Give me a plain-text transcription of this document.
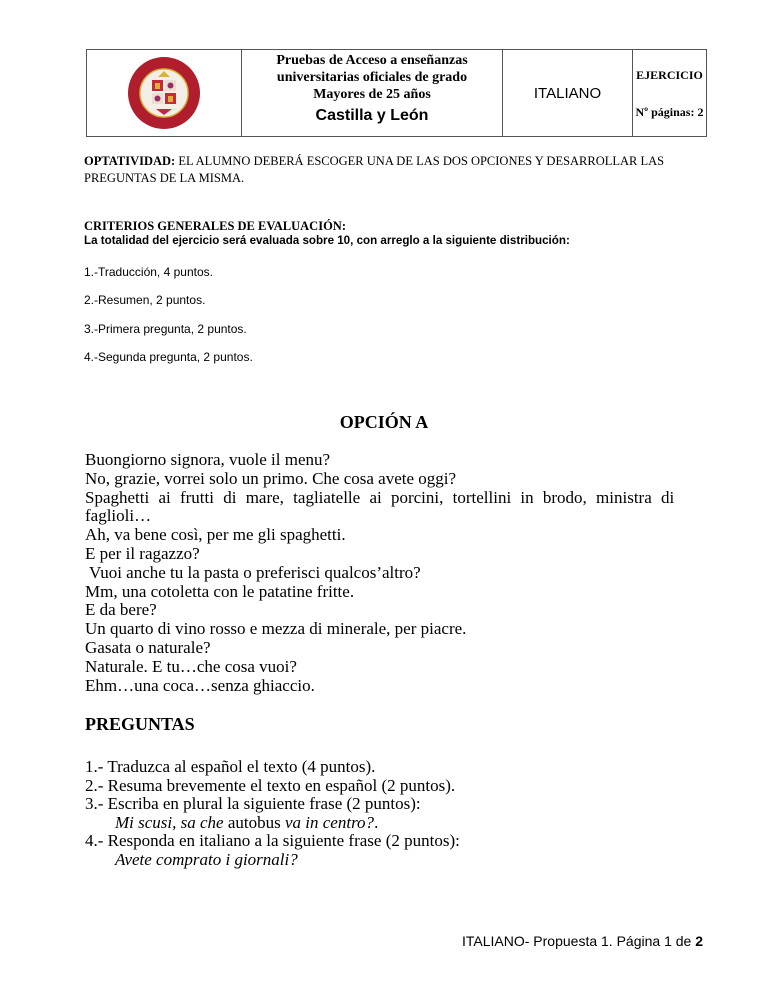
Pruebas de Acceso a enseñanzas
universitarias oficiales de grado
Mayores de 25 años
Castilla y León
ITALIANO
EJERCICIO
Nº páginas: 2
OPTATIVIDAD: EL ALUMNO DEBERÁ ESCOGER UNA DE LAS DOS OPCIONES Y DESARROLLAR LAS PREGUNTAS DE LA MISMA.
CRITERIOS GENERALES DE EVALUACIÓN:
La totalidad del ejercicio será evaluada sobre 10, con arreglo a la siguiente distribución:
1.-Traducción, 4 puntos.
2.-Resumen, 2 puntos.
3.-Primera pregunta, 2 puntos.
4.-Segunda pregunta, 2 puntos.
OPCIÓN A

Buongiorno signora, vuole il menu?

No, grazie, vorrei solo un primo. Che cosa avete oggi?

Spaghetti ai frutti di mare, tagliatelle ai porcini, tortellini in brodo, ministra di

faglioli…

Ah, va bene così, per me gli spaghetti.

E per il ragazzo?

Vuoi anche tu la pasta o preferisci qualcos’altro?

Mm, una cotoletta con le patatine fritte.

E da bere?

Un quarto di vino rosso e mezza di minerale, per piacre.

Gasata o naturale?

Naturale. E tu…che cosa vuoi?

Ehm…una coca…senza ghiaccio.

PREGUNTAS
1.- Traduzca al español el texto (4 puntos).
2.- Resuma brevemente el texto en español (2 puntos).
3.- Escriba en plural la siguiente frase (2 puntos):
Mi scusi, sa che autobus va in centro?.
4.- Responda en italiano a la siguiente frase (2 puntos):
Avete comprato i giornali?
ITALIANO- Propuesta 1. Página 1 de 2
